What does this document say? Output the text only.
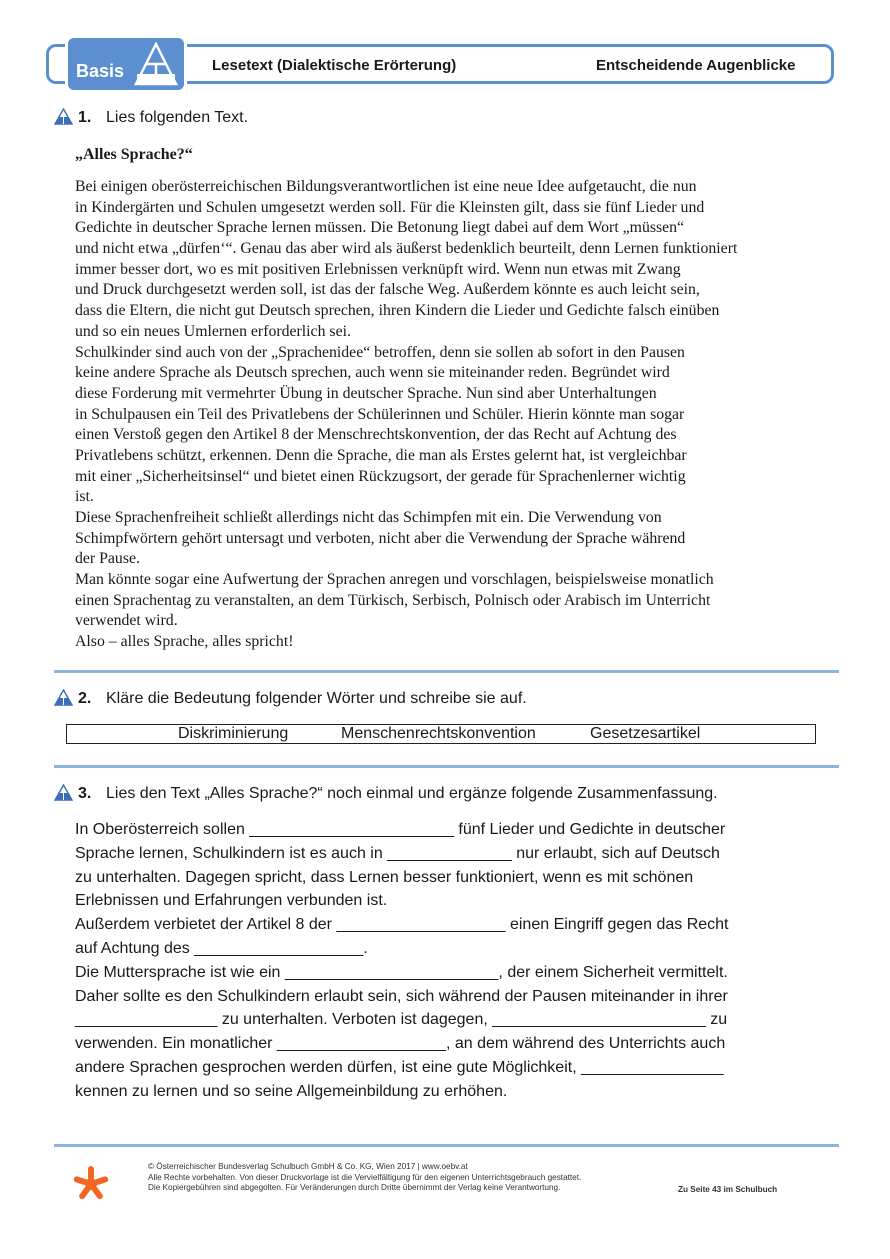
Basis	Lesetext (Dialektische Erörterung)	Entscheidende Augenblicke
1. Lies folgenden Text.
„Alles Sprache?“
Bei einigen oberösterreichischen Bildungsverantwortlichen ist eine neue Idee aufgetaucht, die nun
in Kindergärten und Schulen umgesetzt werden soll. Für die Kleinsten gilt, dass sie fünf Lieder und
Gedichte in deutscher Sprache lernen müssen. Die Betonung liegt dabei auf dem Wort „müssen“
und nicht etwa „dürfen‘“. Genau das aber wird als äußerst bedenklich beurteilt, denn Lernen funktioniert
immer besser dort, wo es mit positiven Erlebnissen verknüpft wird. Wenn nun etwas mit Zwang
und Druck durchgesetzt werden soll, ist das der falsche Weg. Außerdem könnte es auch leicht sein,
dass die Eltern, die nicht gut Deutsch sprechen, ihren Kindern die Lieder und Gedichte falsch einüben
und so ein neues Umlernen erforderlich sei.
Schulkinder sind auch von der „Sprachenidee“ betroffen, denn sie sollen ab sofort in den Pausen
keine andere Sprache als Deutsch sprechen, auch wenn sie miteinander reden. Begründet wird
diese Forderung mit vermehrter Übung in deutscher Sprache. Nun sind aber Unterhaltungen
in Schulpausen ein Teil des Privatlebens der Schülerinnen und Schüler. Hierin könnte man sogar
einen Verstoß gegen den Artikel 8 der Menschrechtskonvention, der das Recht auf Achtung des
Privatlebens schützt, erkennen. Denn die Sprache, die man als Erstes gelernt hat, ist vergleichbar
mit einer „Sicherheitsinsel“ und bietet einen Rückzugsort, der gerade für Sprachenlerner wichtig
ist.
Diese Sprachenfreiheit schließt allerdings nicht das Schimpfen mit ein. Die Verwendung von
Schimpfwörtern gehört untersagt und verboten, nicht aber die Verwendung der Sprache während
der Pause.
Man könnte sogar eine Aufwertung der Sprachen anregen und vorschlagen, beispielsweise monatlich
einen Sprachentag zu veranstalten, an dem Türkisch, Serbisch, Polnisch oder Arabisch im Unterricht
verwendet wird.
Also – alles Sprache, alles spricht!
2. Kläre die Bedeutung folgender Wörter und schreibe sie auf.
Diskriminierung	Menschenrechtskonvention	Gesetzesartikel
3. Lies den Text „Alles Sprache?“ noch einmal und ergänze folgende Zusammenfassung.
In Oberösterreich sollen _______________________ fünf Lieder und Gedichte in deutscher
Sprache lernen, Schulkindern ist es auch in ______________ nur erlaubt, sich auf Deutsch
zu unterhalten. Dagegen spricht, dass Lernen besser funktioniert, wenn es mit schönen
Erlebnissen und Erfahrungen verbunden ist.
Außerdem verbietet der Artikel 8 der ___________________ einen Eingriff gegen das Recht
auf Achtung des ___________________.
Die Muttersprache ist wie ein ________________________, der einem Sicherheit vermittelt.
Daher sollte es den Schulkindern erlaubt sein, sich während der Pausen miteinander in ihrer
________________ zu unterhalten. Verboten ist dagegen, ________________________ zu
verwenden. Ein monatlicher ___________________, an dem während des Unterrichts auch
andere Sprachen gesprochen werden dürfen, ist eine gute Möglichkeit, ________________
kennen zu lernen und so seine Allgemeinbildung zu erhöhen.
© Österreichischer Bundesverlag Schulbuch GmbH & Co. KG, Wien 2017 | www.oebv.at
Alle Rechte vorbehalten. Von dieser Druckvorlage ist die Vervielfältigung für den eigenen Unterrichtsgebrauch gestattet.
Die Kopiergebühren sind abgegolten. Für Veränderungen durch Dritte übernimmt der Verlag keine Verantwortung.	Zu Seite 43 im Schulbuch
